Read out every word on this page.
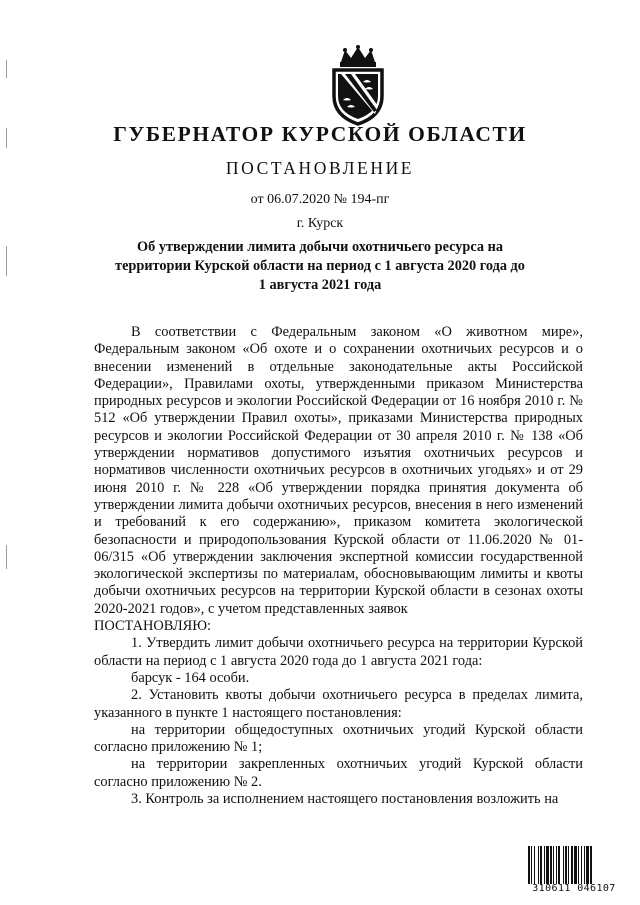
ГУБЕРНАТОР КУРСКОЙ ОБЛАСТИ
ПОСТАНОВЛЕНИЕ
от 06.07.2020 № 194-пг
г. Курск
Об утверждении лимита добычи охотничьего ресурса на территории Курской области на период с 1 августа 2020 года до 1 августа 2021 года

В соответствии с Федеральным законом «О животном мире», Федеральным законом «Об охоте и о сохранении охотничьих ресурсов и о внесении изменений в отдельные законодательные акты Российской Федерации», Правилами охоты, утвержденными приказом Министерства природных ресурсов и экологии Российской Федерации от 16 ноября 2010 г. № 512 «Об утверждении Правил охоты», приказами Министерства природных ресурсов и экологии Российской Федерации от 30 апреля 2010 г. № 138 «Об утверждении нормативов допустимого изъятия охотничьих ресурсов и нормативов численности охотничьих ресурсов в охотничьих угодьях» и от 29 июня 2010 г. № 228 «Об утверждении порядка принятия документа об утверждении лимита добычи охотничьих ресурсов, внесения в него изменений и требований к его содержанию», приказом комитета экологической безопасности и природопользования Курской области от 11.06.2020 № 01-06/315 «Об утверждении заключения экспертной комиссии государственной экологической экспертизы по материалам, обосновывающим лимиты и квоты добычи охотничьих ресурсов на территории Курской области в сезонах охоты 2020-2021 годов», с учетом представленных заявок

ПОСТАНОВЛЯЮ:

1. Утвердить лимит добычи охотничьего ресурса на территории Курской области на период с 1 августа 2020 года до 1 августа 2021 года:

барсук - 164 особи.

2. Установить квоты добычи охотничьего ресурса в пределах лимита, указанного в пункте 1 настоящего постановления:

на территории общедоступных охотничьих угодий Курской области согласно приложению № 1;

на территории закрепленных охотничьих угодий Курской области согласно приложению № 2.

3. Контроль за исполнением настоящего постановления возложить на

310611 046107
